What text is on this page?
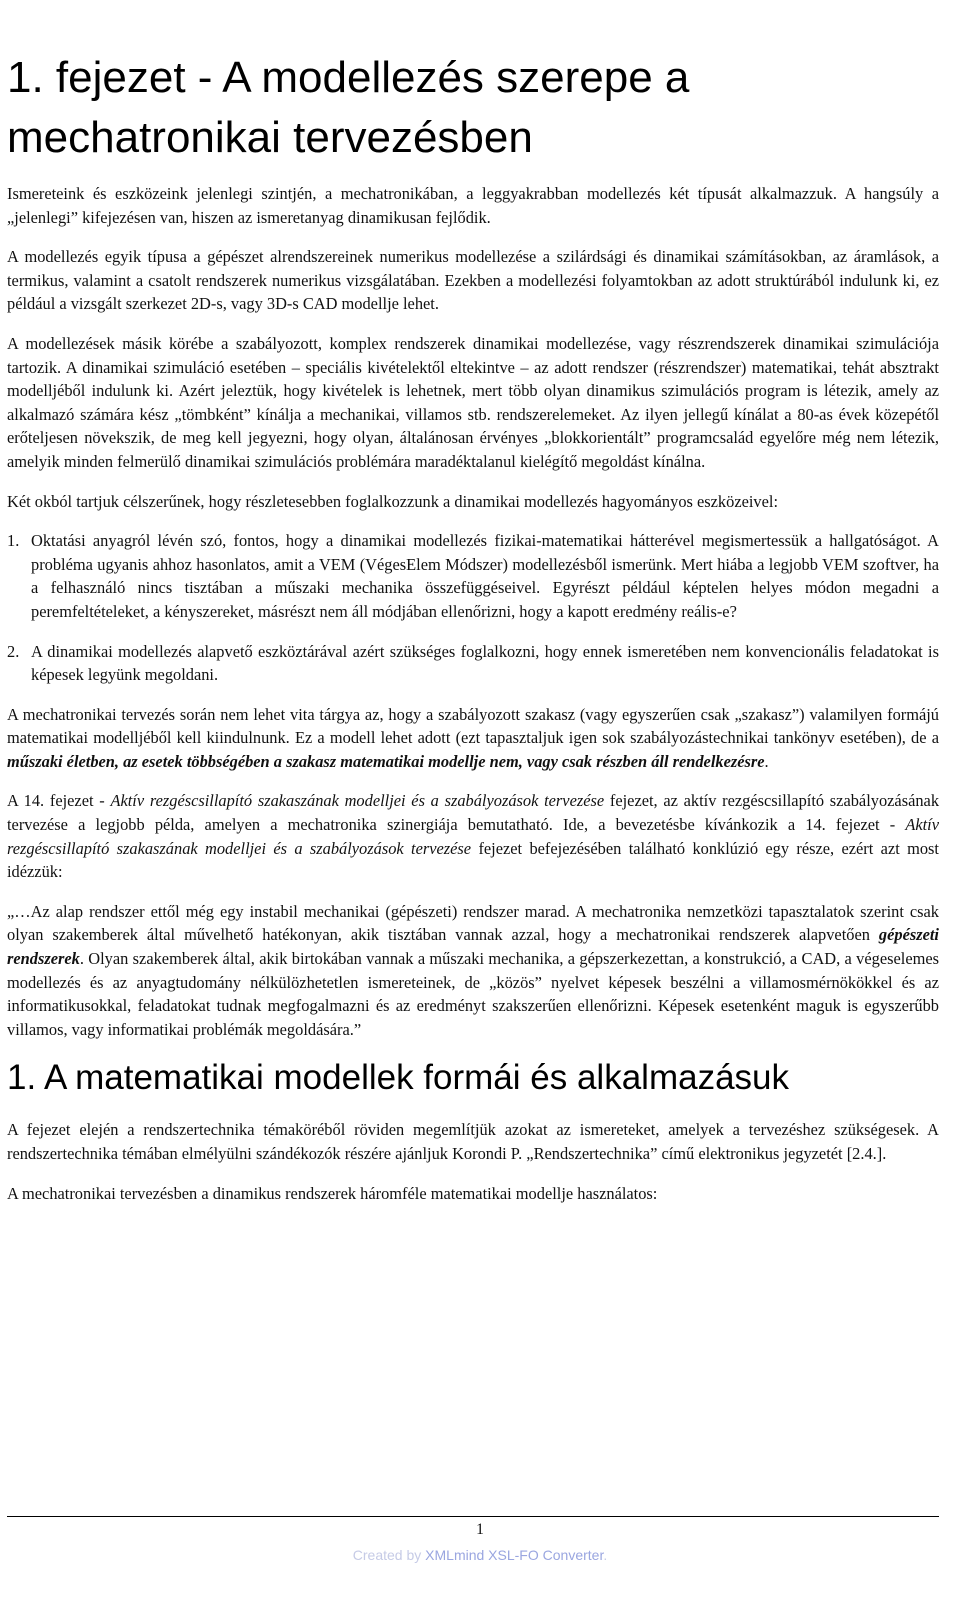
1. fejezet - A modellezés szerepe a mechatronikai tervezésben

Ismereteink és eszközeink jelenlegi szintjén, a mechatronikában, a leggyakrabban modellezés két típusát alkalmazzuk. A hangsúly a „jelenlegi” kifejezésen van, hiszen az ismeretanyag dinamikusan fejlődik.

A modellezés egyik típusa a gépészet alrendszereinek numerikus modellezése a szilárdsági és dinamikai számításokban, az áramlások, a termikus, valamint a csatolt rendszerek numerikus vizsgálatában. Ezekben a modellezési folyamtokban az adott struktúrából indulunk ki, ez például a vizsgált szerkezet 2D-s, vagy 3D-s CAD modellje lehet.

A modellezések másik körébe a szabályozott, komplex rendszerek dinamikai modellezése, vagy részrendszerek dinamikai szimulációja tartozik. A dinamikai szimuláció esetében – speciális kivételektől eltekintve – az adott rendszer (részrendszer) matematikai, tehát absztrakt modelljéből indulunk ki. Azért jeleztük, hogy kivételek is lehetnek, mert több olyan dinamikus szimulációs program is létezik, amely az alkalmazó számára kész „tömbként” kínálja a mechanikai, villamos stb. rendszerelemeket. Az ilyen jellegű kínálat a 80-as évek közepétől erőteljesen növekszik, de meg kell jegyezni, hogy olyan, általánosan érvényes „blokkorientált” programcsalád egyelőre még nem létezik, amelyik minden felmerülő dinamikai szimulációs problémára maradéktalanul kielégítő megoldást kínálna.

Két okból tartjuk célszerűnek, hogy részletesebben foglalkozzunk a dinamikai modellezés hagyományos eszközeivel:

1. Oktatási anyagról lévén szó, fontos, hogy a dinamikai modellezés fizikai-matematikai hátterével megismertessük a hallgatóságot. A probléma ugyanis ahhoz hasonlatos, amit a VEM (VégesElem Módszer) modellezésből ismerünk. Mert hiába a legjobb VEM szoftver, ha a felhasználó nincs tisztában a műszaki mechanika összefüggéseivel. Egyrészt például képtelen helyes módon megadni a peremfeltételeket, a kényszereket, másrészt nem áll módjában ellenőrizni, hogy a kapott eredmény reális-e?
2. A dinamikai modellezés alapvető eszköztárával azért szükséges foglalkozni, hogy ennek ismeretében nem konvencionális feladatokat is képesek legyünk megoldani.

A mechatronikai tervezés során nem lehet vita tárgya az, hogy a szabályozott szakasz (vagy egyszerűen csak „szakasz”) valamilyen formájú matematikai modelljéből kell kiindulnunk. Ez a modell lehet adott (ezt tapasztaljuk igen sok szabályozástechnikai tankönyv esetében), de a műszaki életben, az esetek többségében a szakasz matematikai modellje nem, vagy csak részben áll rendelkezésre.

A 14. fejezet - Aktív rezgéscsillapító szakaszának modelljei és a szabályozások tervezése fejezet, az aktív rezgéscsillapító szabályozásának tervezése a legjobb példa, amelyen a mechatronika szinergiája bemutatható. Ide, a bevezetésbe kívánkozik a 14. fejezet - Aktív rezgéscsillapító szakaszának modelljei és a szabályozások tervezése fejezet befejezésében található konklúzió egy része, ezért azt most idézzük:

„…Az alap rendszer ettől még egy instabil mechanikai (gépészeti) rendszer marad. A mechatronika nemzetközi tapasztalatok szerint csak olyan szakemberek által művelhető hatékonyan, akik tisztában vannak azzal, hogy a mechatronikai rendszerek alapvetően gépészeti rendszerek. Olyan szakemberek által, akik birtokában vannak a műszaki mechanika, a gépszerkezettan, a konstrukció, a CAD, a végeselemes modellezés és az anyagtudomány nélkülözhetetlen ismereteinek, de „közös” nyelvet képesek beszélni a villamosmérnökökkel és az informatikusokkal, feladatokat tudnak megfogalmazni és az eredményt szakszerűen ellenőrizni. Képesek esetenként maguk is egyszerűbb villamos, vagy informatikai problémák megoldására.”

1. A matematikai modellek formái és alkalmazásuk

A fejezet elején a rendszertechnika témaköréből röviden megemlítjük azokat az ismereteket, amelyek a tervezéshez szükségesek. A rendszertechnika témában elmélyülni szándékozók részére ajánljuk Korondi P. „Rendszertechnika” című elektronikus jegyzetét [2.4.].

A mechatronikai tervezésben a dinamikus rendszerek háromféle matematikai modellje használatos:

1
Created by XMLmind XSL-FO Converter.
